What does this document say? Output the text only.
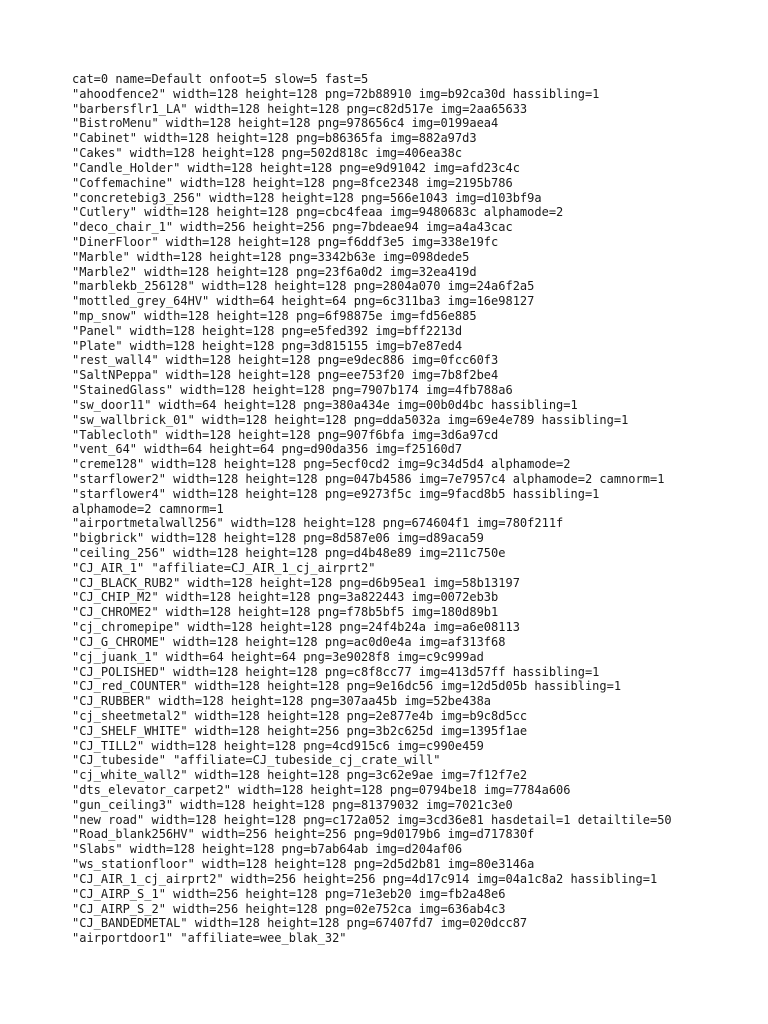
cat=0 name=Default onfoot=5 slow=5 fast=5
"ahoodfence2" width=128 height=128 png=72b88910 img=b92ca30d hassibling=1
"barbersflr1_LA" width=128 height=128 png=c82d517e img=2aa65633
"BistroMenu" width=128 height=128 png=978656c4 img=0199aea4
"Cabinet" width=128 height=128 png=b86365fa img=882a97d3
"Cakes" width=128 height=128 png=502d818c img=406ea38c
"Candle_Holder" width=128 height=128 png=e9d91042 img=afd23c4c
"Coffemachine" width=128 height=128 png=8fce2348 img=2195b786
"concretebig3_256" width=128 height=128 png=566e1043 img=d103bf9a
"Cutlery" width=128 height=128 png=cbc4feaa img=9480683c alphamode=2
"deco_chair_1" width=256 height=256 png=7bdeae94 img=a4a43cac
"DinerFloor" width=128 height=128 png=f6ddf3e5 img=338e19fc
"Marble" width=128 height=128 png=3342b63e img=098dede5
"Marble2" width=128 height=128 png=23f6a0d2 img=32ea419d
"marblekb_256128" width=128 height=128 png=2804a070 img=24a6f2a5
"mottled_grey_64HV" width=64 height=64 png=6c311ba3 img=16e98127
"mp_snow" width=128 height=128 png=6f98875e img=fd56e885
"Panel" width=128 height=128 png=e5fed392 img=bff2213d
"Plate" width=128 height=128 png=3d815155 img=b7e87ed4
"rest_wall4" width=128 height=128 png=e9dec886 img=0fcc60f3
"SaltNPeppa" width=128 height=128 png=ee753f20 img=7b8f2be4
"StainedGlass" width=128 height=128 png=7907b174 img=4fb788a6
"sw_door11" width=64 height=128 png=380a434e img=00b0d4bc hassibling=1
"sw_wallbrick_01" width=128 height=128 png=dda5032a img=69e4e789 hassibling=1
"Tablecloth" width=128 height=128 png=907f6bfa img=3d6a97cd
"vent_64" width=64 height=64 png=d90da356 img=f25160d7
"creme128" width=128 height=128 png=5ecf0cd2 img=9c34d5d4 alphamode=2
"starflower2" width=128 height=128 png=047b4586 img=7e7957c4 alphamode=2 camnorm=1
"starflower4" width=128 height=128 png=e9273f5c img=9facd8b5 hassibling=1
alphamode=2 camnorm=1
"airportmetalwall256" width=128 height=128 png=674604f1 img=780f211f
"bigbrick" width=128 height=128 png=8d587e06 img=d89aca59
"ceiling_256" width=128 height=128 png=d4b48e89 img=211c750e
"CJ_AIR_1" "affiliate=CJ_AIR_1_cj_airprt2"
"CJ_BLACK_RUB2" width=128 height=128 png=d6b95ea1 img=58b13197
"CJ_CHIP_M2" width=128 height=128 png=3a822443 img=0072eb3b
"CJ_CHROME2" width=128 height=128 png=f78b5bf5 img=180d89b1
"cj_chromepipe" width=128 height=128 png=24f4b24a img=a6e08113
"CJ_G_CHROME" width=128 height=128 png=ac0d0e4a img=af313f68
"cj_juank_1" width=64 height=64 png=3e9028f8 img=c9c999ad
"CJ_POLISHED" width=128 height=128 png=c8f8cc77 img=413d57ff hassibling=1
"CJ_red_COUNTER" width=128 height=128 png=9e16dc56 img=12d5d05b hassibling=1
"CJ_RUBBER" width=128 height=128 png=307aa45b img=52be438a
"cj_sheetmetal2" width=128 height=128 png=2e877e4b img=b9c8d5cc
"CJ_SHELF_WHITE" width=128 height=256 png=3b2c625d img=1395f1ae
"CJ_TILL2" width=128 height=128 png=4cd915c6 img=c990e459
"CJ_tubeside" "affiliate=CJ_tubeside_cj_crate_will"
"cj_white_wall2" width=128 height=128 png=3c62e9ae img=7f12f7e2
"dts_elevator_carpet2" width=128 height=128 png=0794be18 img=7784a606
"gun_ceiling3" width=128 height=128 png=81379032 img=7021c3e0
"new road" width=128 height=128 png=c172a052 img=3cd36e81 hasdetail=1 detailtile=50
"Road_blank256HV" width=256 height=256 png=9d0179b6 img=d717830f
"Slabs" width=128 height=128 png=b7ab64ab img=d204af06
"ws_stationfloor" width=128 height=128 png=2d5d2b81 img=80e3146a
"CJ_AIR_1_cj_airprt2" width=256 height=256 png=4d17c914 img=04a1c8a2 hassibling=1
"CJ_AIRP_S_1" width=256 height=128 png=71e3eb20 img=fb2a48e6
"CJ_AIRP_S_2" width=256 height=128 png=02e752ca img=636ab4c3
"CJ_BANDEDMETAL" width=128 height=128 png=67407fd7 img=020dcc87
"airportdoor1" "affiliate=wee_blak_32"
